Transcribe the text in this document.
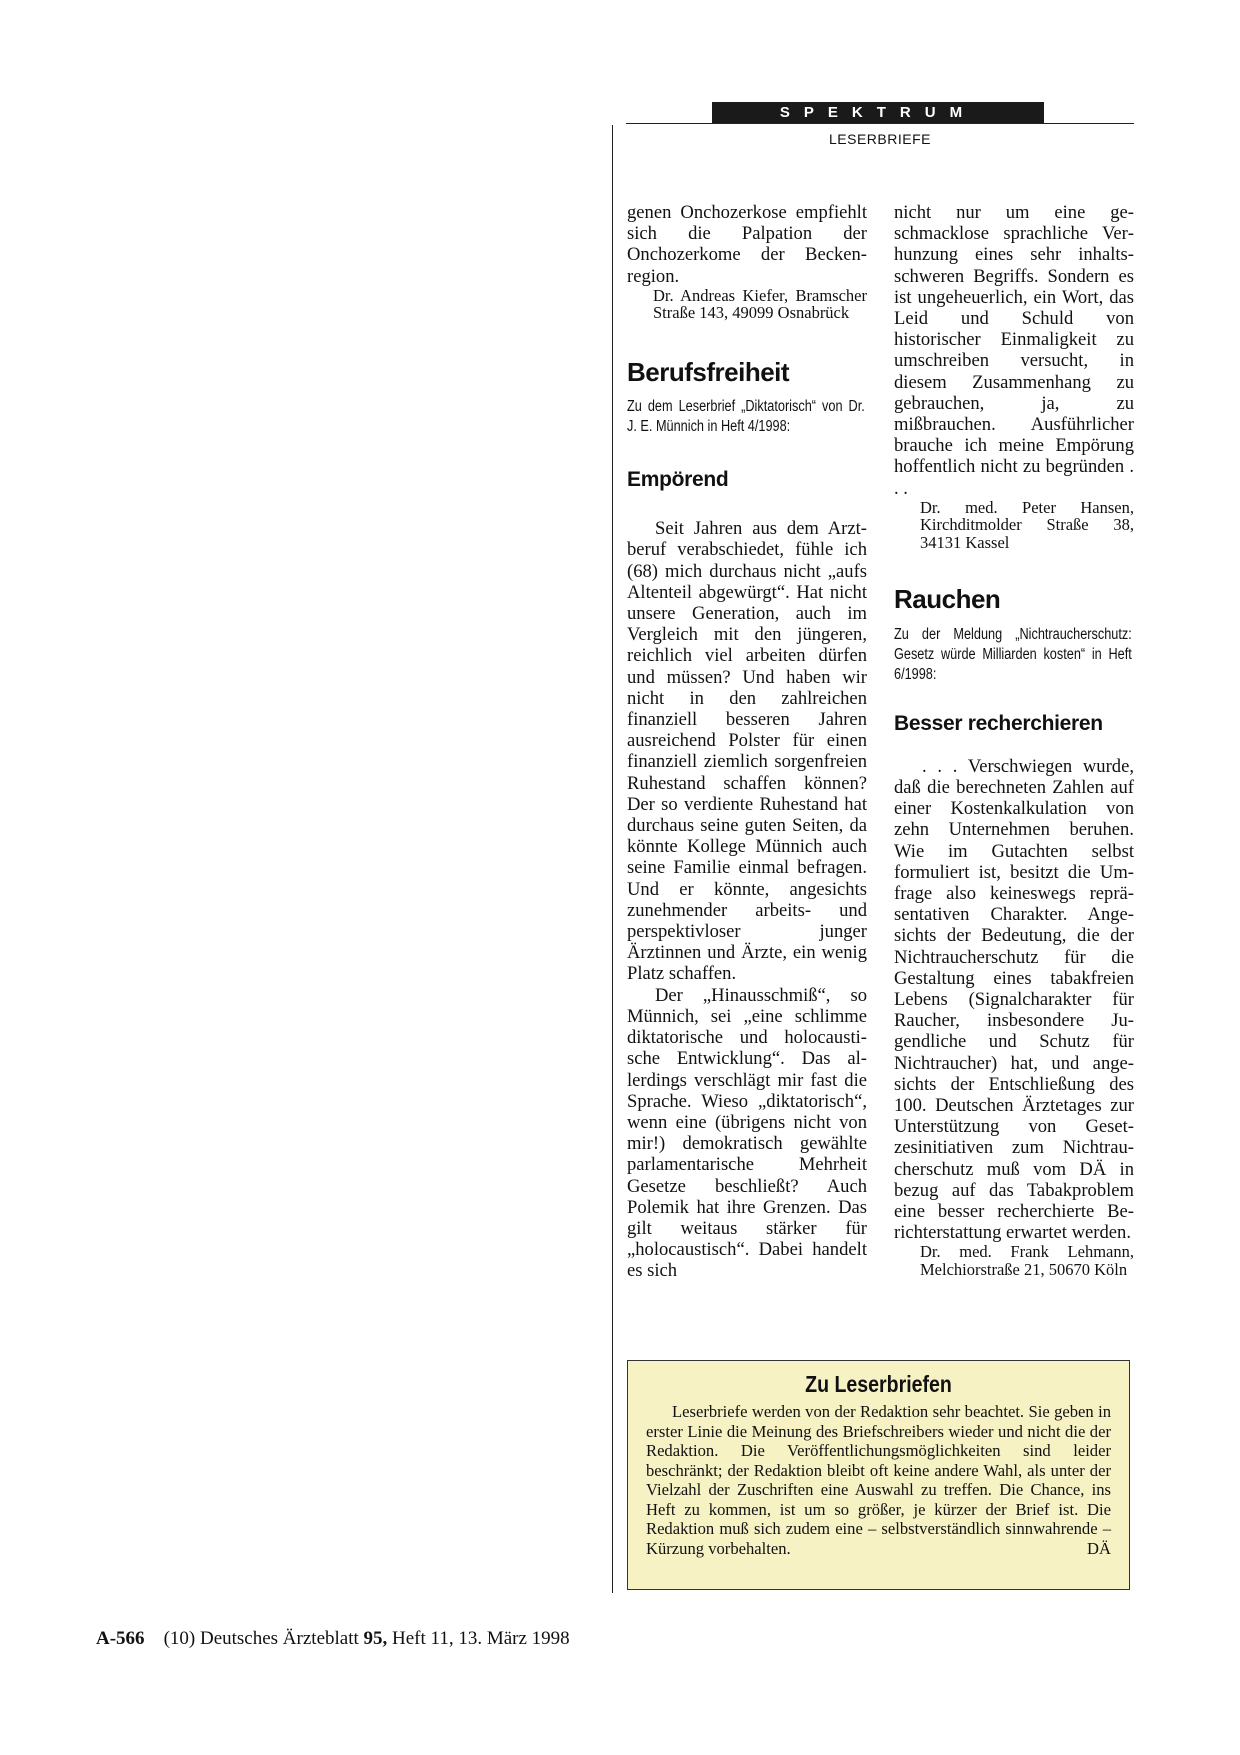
SPEKTRUM
LESERBRIEFE

genen Onchozerkose empfiehlt sich die Palpation der Onchozerkome der Beckenregion.

Dr. Andreas Kiefer, Bramscher Straße 143, 49099 Osnabrück

Berufsfreiheit

Zu dem Leserbrief „Diktatorisch“ von Dr. J. E. Münnich in Heft 4/1998:

Empörend

Seit Jahren aus dem Arztberuf verabschiedet, fühle ich (68) mich durchaus nicht „aufs Altenteil abgewürgt“. Hat nicht unsere Generation, auch im Vergleich mit den jüngeren, reichlich viel arbeiten dürfen und müssen? Und haben wir nicht in den zahlreichen finanziell besseren Jahren ausreichend Polster für einen finanziell ziemlich sorgenfreien Ruhestand schaffen können? Der so verdiente Ruhestand hat durchaus seine guten Seiten, da könnte Kollege Münnich auch seine Familie einmal befragen. Und er könnte, angesichts zunehmender arbeits- und perspektivloser junger Ärztinnen und Ärzte, ein wenig Platz schaffen.

Der „Hinausschmiß“, so Münnich, sei „eine schlimme diktatorische und holocaustische Entwicklung“. Das allerdings verschlägt mir fast die Sprache. Wieso „diktatorisch“, wenn eine (übrigens nicht von mir!) demokratisch gewählte parlamentarische Mehrheit Gesetze beschließt? Auch Polemik hat ihre Grenzen. Das gilt weitaus stärker für „holocaustisch“. Dabei handelt es sich

nicht nur um eine geschmacklose sprachliche Verhunzung eines sehr inhaltsschweren Begriffs. Sondern es ist ungeheuerlich, ein Wort, das Leid und Schuld von historischer Einmaligkeit zu umschreiben versucht, in diesem Zusammenhang zu gebrauchen, ja, zu mißbrauchen. Ausführlicher brauche ich meine Empörung hoffentlich nicht zu begründen . . .

Dr. med. Peter Hansen, Kirchditmolder Straße 38, 34131 Kassel

Rauchen

Zu der Meldung „Nichtraucherschutz: Gesetz würde Milliarden kosten“ in Heft 6/1998:

Besser recherchieren

. . . Verschwiegen wurde, daß die berechneten Zahlen auf einer Kostenkalkulation von zehn Unternehmen beruhen. Wie im Gutachten selbst formuliert ist, besitzt die Umfrage also keineswegs repräsentativen Charakter. Angesichts der Bedeutung, die der Nichtraucherschutz für die Gestaltung eines tabakfreien Lebens (Signalcharakter für Raucher, insbesondere Jugendliche und Schutz für Nichtraucher) hat, und angesichts der Entschließung des 100. Deutschen Ärztetages zur Unterstützung von Gesetzesinitiativen zum Nichtraucherschutz muß vom DÄ in bezug auf das Tabakproblem eine besser recherchierte Berichterstattung erwartet werden.

Dr. med. Frank Lehmann, Melchiorstraße 21, 50670 Köln

Zu Leserbriefen

Leserbriefe werden von der Redaktion sehr beachtet. Sie geben in erster Linie die Meinung des Briefschreibers wieder und nicht die der Redaktion. Die Veröffentlichungsmöglichkeiten sind leider beschränkt; der Redaktion bleibt oft keine andere Wahl, als unter der Vielzahl der Zuschriften eine Auswahl zu treffen. Die Chance, ins Heft zu kommen, ist um so größer, je kürzer der Brief ist. Die Redaktion muß sich zudem eine – selbstverständlich sinnwahrende – Kürzung vorbehalten.	DÄ

A-566 (10) Deutsches Ärzteblatt 95, Heft 11, 13. März 1998
